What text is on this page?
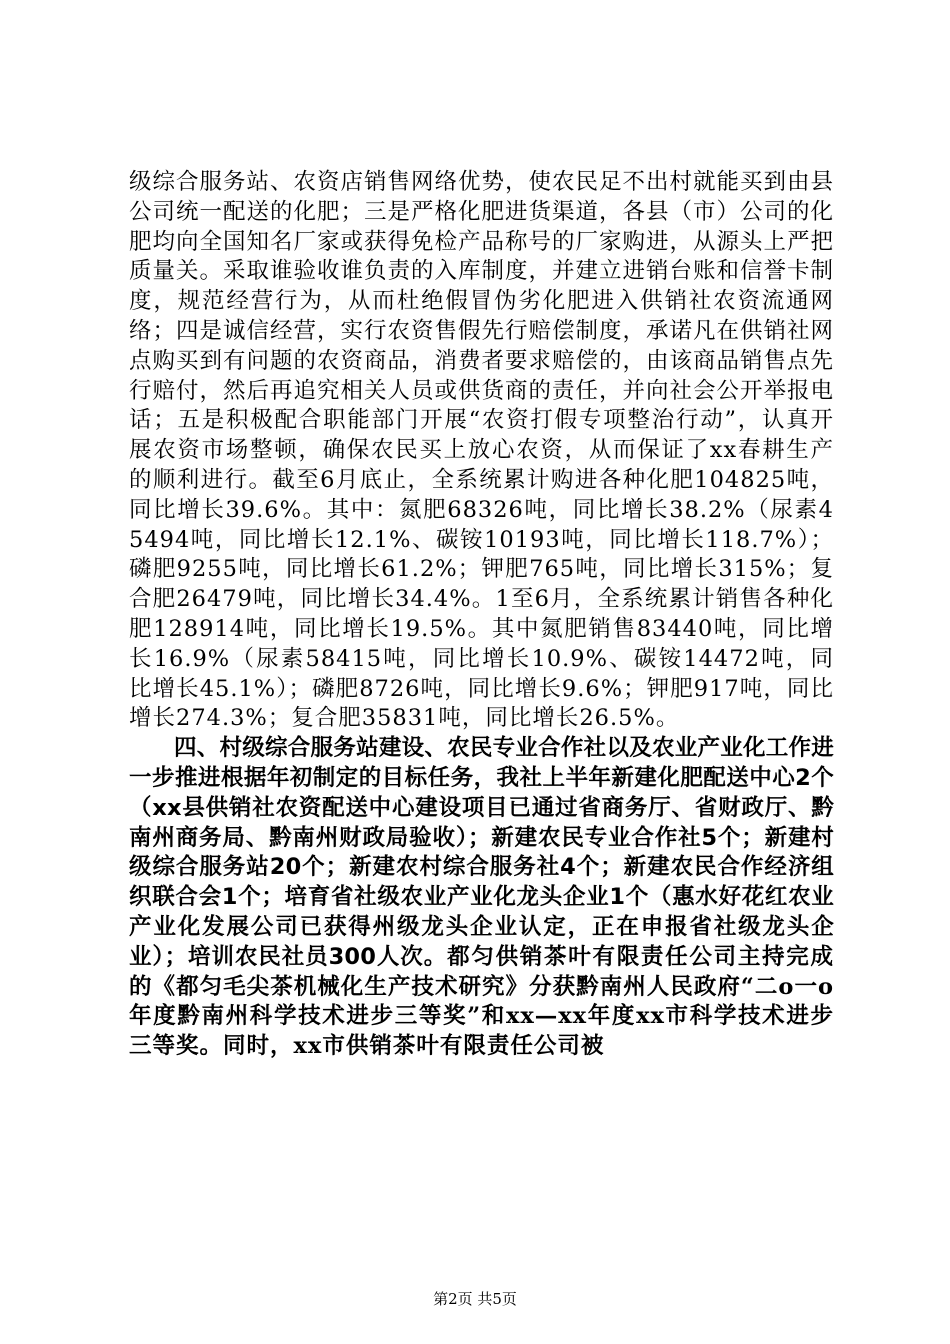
级综合服务站、农资店销售网络优势，使农民足不出村就能买到由县公司统一配送的化肥；三是严格化肥进货渠道，各县（市）公司的化肥均向全国知名厂家或获得免检产品称号的厂家购进，从源头上严把质量关。采取谁验收谁负责的入库制度，并建立进销台账和信誉卡制度，规范经营行为，从而杜绝假冒伪劣化肥进入供销社农资流通网络；四是诚信经营，实行农资售假先行赔偿制度，承诺凡在供销社网点购买到有问题的农资商品，消费者要求赔偿的，由该商品销售点先行赔付，然后再追究相关人员或供货商的责任，并向社会公开举报电话；五是积极配合职能部门开展“农资打假专项整治行动”，认真开展农资市场整顿，确保农民买上放心农资，从而保证了xx春耕生产的顺利进行。截至6月底止，全系统累计购进各种化肥104825吨，同比增长39.6%。其中：氮肥68326吨，同比增长38.2%（尿素45494吨，同比增长12.1%、碳铵10193吨，同比增长118.7%）；磷肥9255吨，同比增长61.2%；钾肥765吨，同比增长315%；复合肥26479吨，同比增长34.4%。1至6月，全系统累计销售各种化肥128914吨，同比增长19.5%。其中氮肥销售83440吨，同比增长16.9%（尿素58415吨，同比增长10.9%、碳铵14472吨，同比增长45.1%）；磷肥8726吨，同比增长9.6%；钾肥917吨，同比增长274.3%；复合肥35831吨，同比增长26.5%。

四、村级综合服务站建设、农民专业合作社以及农业产业化工作进一步推进根据年初制定的目标任务，我社上半年新建化肥配送中心2个（xx县供销社农资配送中心建设项目已通过省商务厅、省财政厅、黔南州商务局、黔南州财政局验收）；新建农民专业合作社5个；新建村级综合服务站20个；新建农村综合服务社4个；新建农民合作经济组织联合会1个；培育省社级农业产业化龙头企业1个（惠水好花红农业产业化发展公司已获得州级龙头企业认定，正在申报省社级龙头企业）；培训农民社员300人次。都匀供销茶叶有限责任公司主持完成的《都匀毛尖茶机械化生产技术研究》分获黔南州人民政府“二o一o年度黔南州科学技术进步三等奖”和xx—xx年度xx市科学技术进步三等奖。同时，xx市供销茶叶有限责任公司被

第2页 共5页
